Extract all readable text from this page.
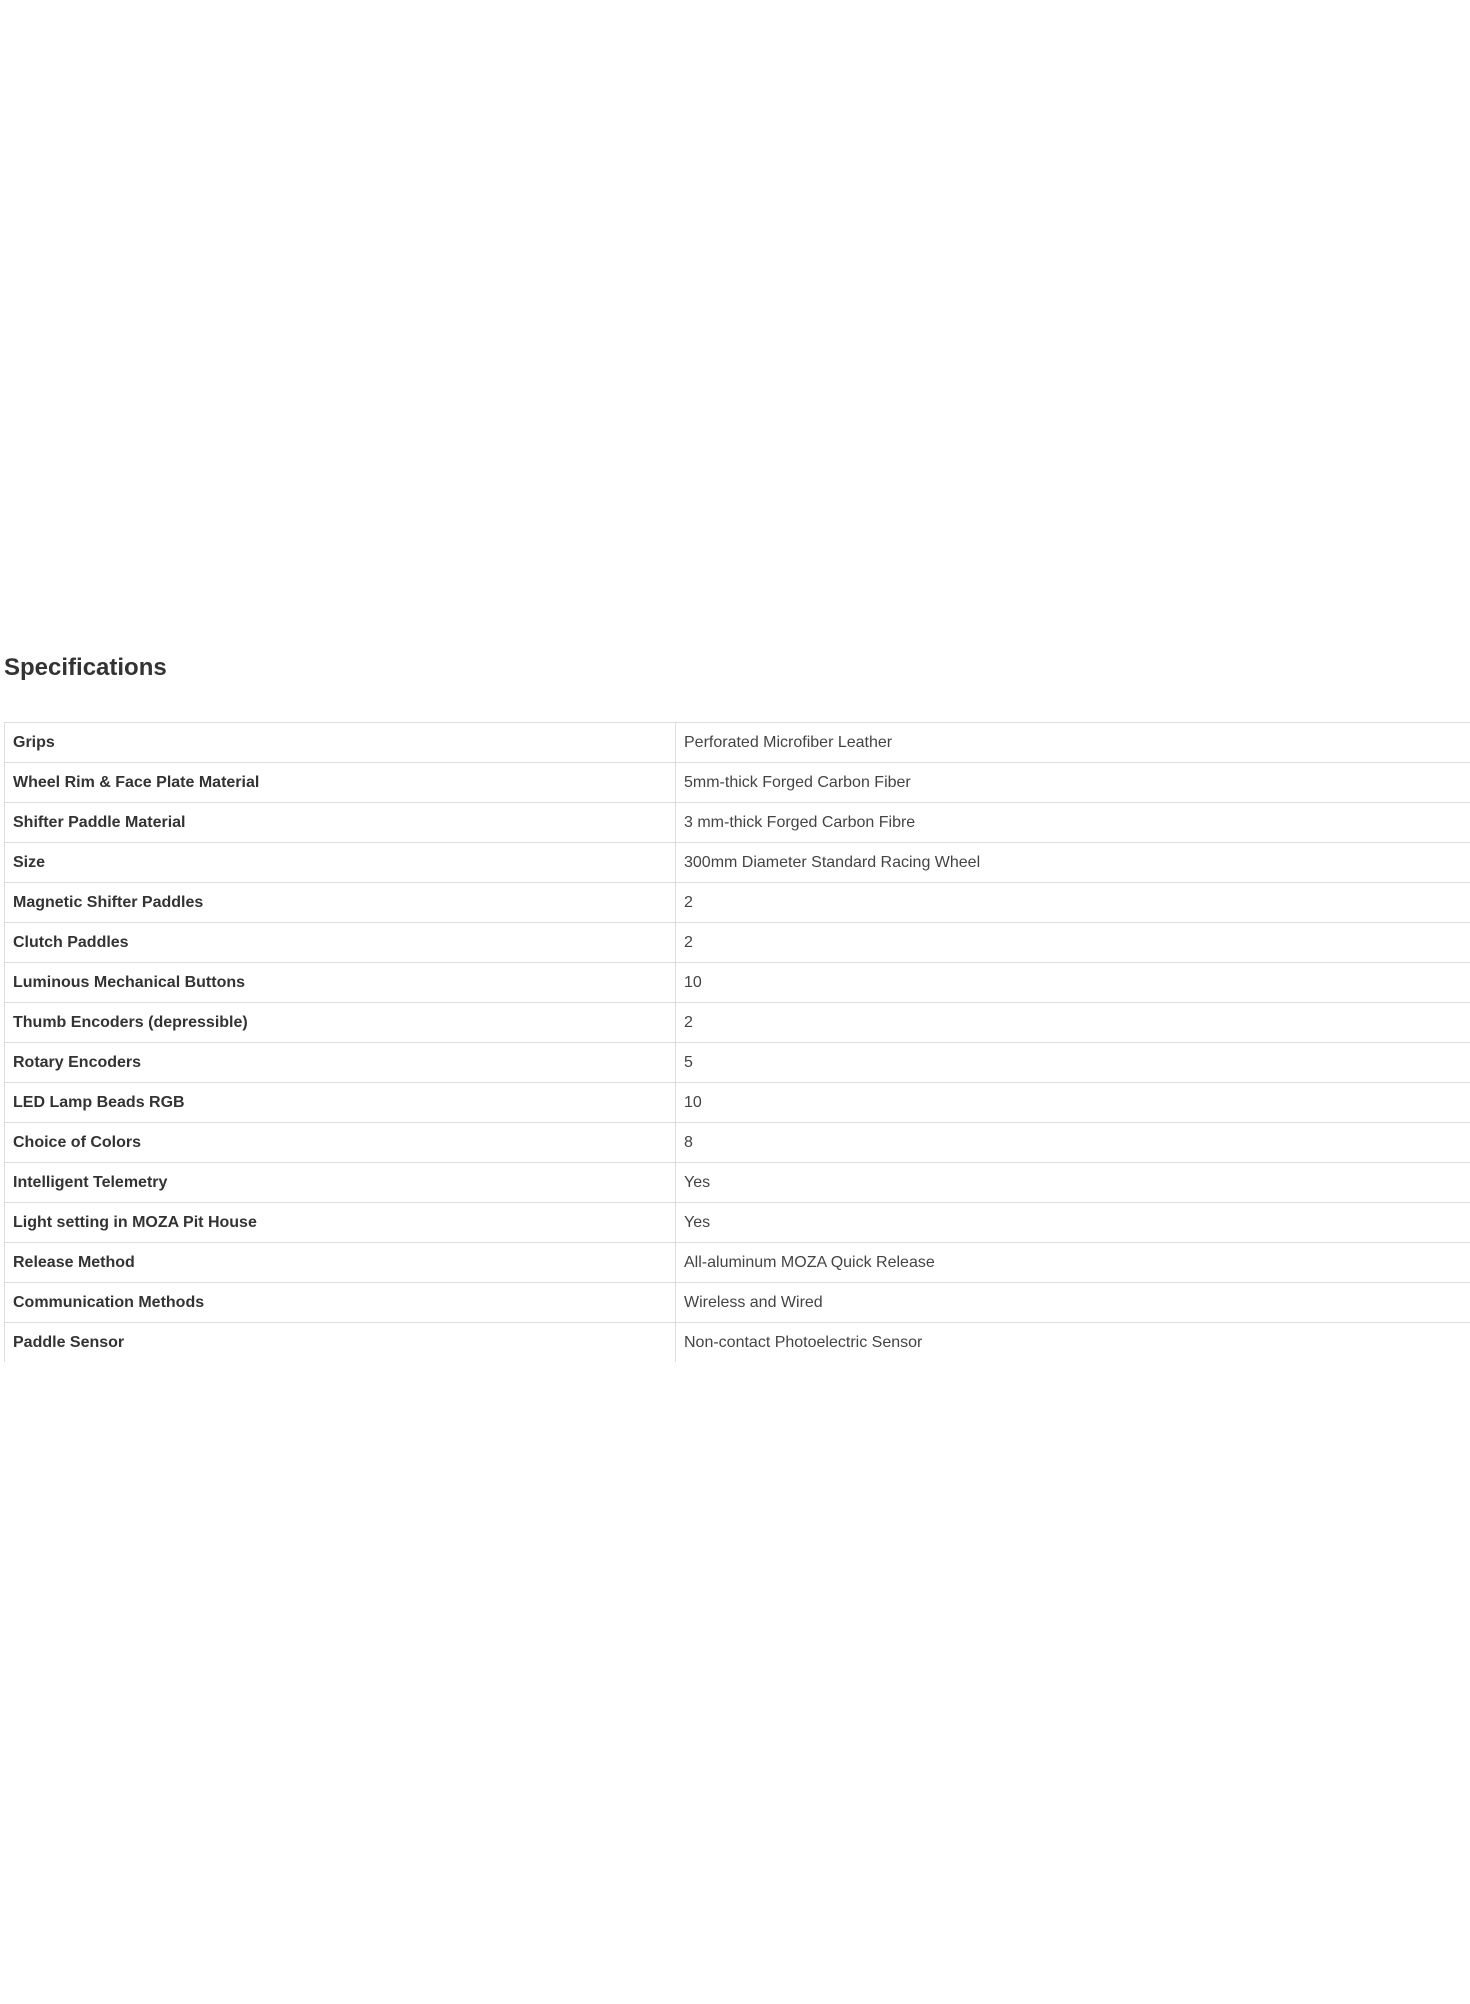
Specifications
Grips	Perforated Microfiber Leather
Wheel Rim & Face Plate Material	5mm-thick Forged Carbon Fiber
Shifter Paddle Material	3 mm-thick Forged Carbon Fibre
Size	300mm Diameter Standard Racing Wheel
Magnetic Shifter Paddles	2
Clutch Paddles	2
Luminous Mechanical Buttons	10
Thumb Encoders (depressible)	2
Rotary Encoders	5
LED Lamp Beads RGB	10
Choice of Colors	8
Intelligent Telemetry	Yes
Light setting in MOZA Pit House	Yes
Release Method	All-aluminum MOZA Quick Release
Communication Methods	Wireless and Wired
Paddle Sensor	Non-contact Photoelectric Sensor
